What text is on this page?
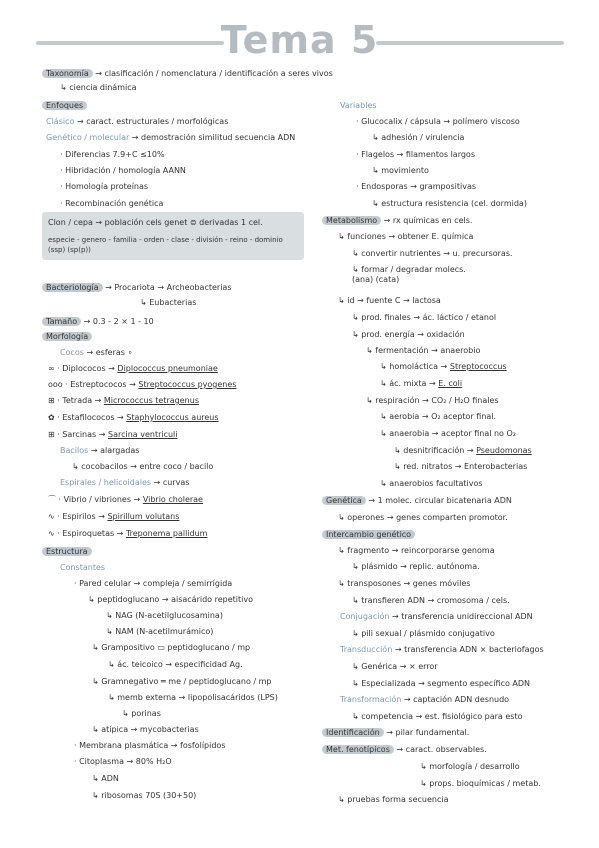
Tema 5
Taxonomía → clasificación / nomenclatura / identificación a seres vivos
↳ ciencia dinámica
Enfoques
Clásico → caract. estructurales / morfológicas
Genético / molecular → demostración similitud secuencia ADN
· Diferencias 7.9+C ≤10%
· Hibridación / homología AANN
· Homología proteínas
· Recombinación genética
Clon / cepa → población cels genet ⊜ derivadas 1 cel.
especie - genero - familia - orden - clase - división - reino - dominio
(ssp) (sp(p))
Bacteriología → Procariota → Archeobacterias
↳ Eubacterias
Tamaño → 0.3 - 2 × 1 - 10
Morfología
Cocos → esferas ∘
∞ · Diplococos → Diplococcus pneumoniae
ooo · Estreptococos → Streptococcus pyogenes
⊞ · Tetrada → Micrococcus tetragenus
✿ · Estafilococos → Staphylococcus aureus
⊞ · Sarcinas → Sarcina ventriculi
Bacilos → alargadas
↳ cocobacilos → entre coco / bacilo
Espirales / helicoidales → curvas
⌒ · Vibrio / vibriones → Vibrio cholerae
∿ · Espirilos → Spirillum volutans
∿ · Espiroquetas → Treponema pallidum
Estructura
Constantes
· Pared celular → compleja / semirrígida
↳ peptidoglucano → aisacárido repetitivo
↳ NAG (N-acetilglucosamina)
↳ NAM (N-acetilmurámico)
↳ Grampositivo ▭ peptidoglucano / mp
↳ ác. teicoico → especificidad Ag.
↳ Gramnegativo ═ me / peptidoglucano / mp
↳ memb externa → lipopolisacáridos (LPS)
↳ porinas
↳ atípica → mycobacterias
· Membrana plasmática → fosfolípidos
· Citoplasma → 80% H₂O
↳ ADN
↳ ribosomas 70S (30+50)
Variables
· Glucocalix / cápsula → polímero viscoso
↳ adhesión / virulencia
· Flagelos → filamentos largos
↳ movimiento
· Endosporas → grampositivas
↳ estructura resistencia (cel. dormida)
Metabolismo → rx químicas en cels.
↳ funciones → obtener E. química
↳ convertir nutrientes → u. precursoras.
↳ formar / degradar molecs.
(ana) (cata)
↳ id → fuente C → lactosa
↳ prod. finales → ác. láctico / etanol
↳ prod. energía → oxidación
↳ fermentación → anaerobio
↳ homoláctica → Streptococcus
↳ ác. mixta → E. coli
↳ respiración → CO₂ / H₂O finales
↳ aerobia → O₂ aceptor final.
↳ anaerobia → aceptor final no O₂
↳ desnitrificación → Pseudomonas
↳ red. nitratos → Enterobacterias
↳ anaerobios facultativos
Genética → 1 molec. circular bicatenaria ADN
↳ operones → genes comparten promotor.
Intercambio genético
↳ fragmento → reincorporarse genoma
↳ plásmido → replic. autónoma.
↳ transposones → genes móviles
↳ transfieren ADN → cromosoma / cels.
Conjugación → transferencia unidireccional ADN
↳ pili sexual / plásmido conjugativo
Transducción → transferencia ADN × bacteriofagos
↳ Genérica → × error
↳ Especializada → segmento específico ADN
Transformación → captación ADN desnudo
↳ competencia → est. fisiológico para esto
Identificación → pilar fundamental.
Met. fenotípicos → caract. observables.
↳ morfología / desarrollo
↳ props. bioquímicas / metab.
↳ pruebas forma secuencia
